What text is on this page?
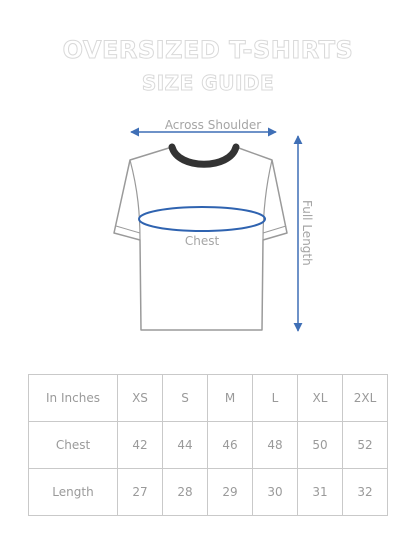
OVERSIZED T-SHIRTS
SIZE GUIDE
Across Shoulder
Full Length
Chest
In Inches	XS	S	M	L	XL	2XL
Chest	42	44	46	48	50	52
Length	27	28	29	30	31	32
